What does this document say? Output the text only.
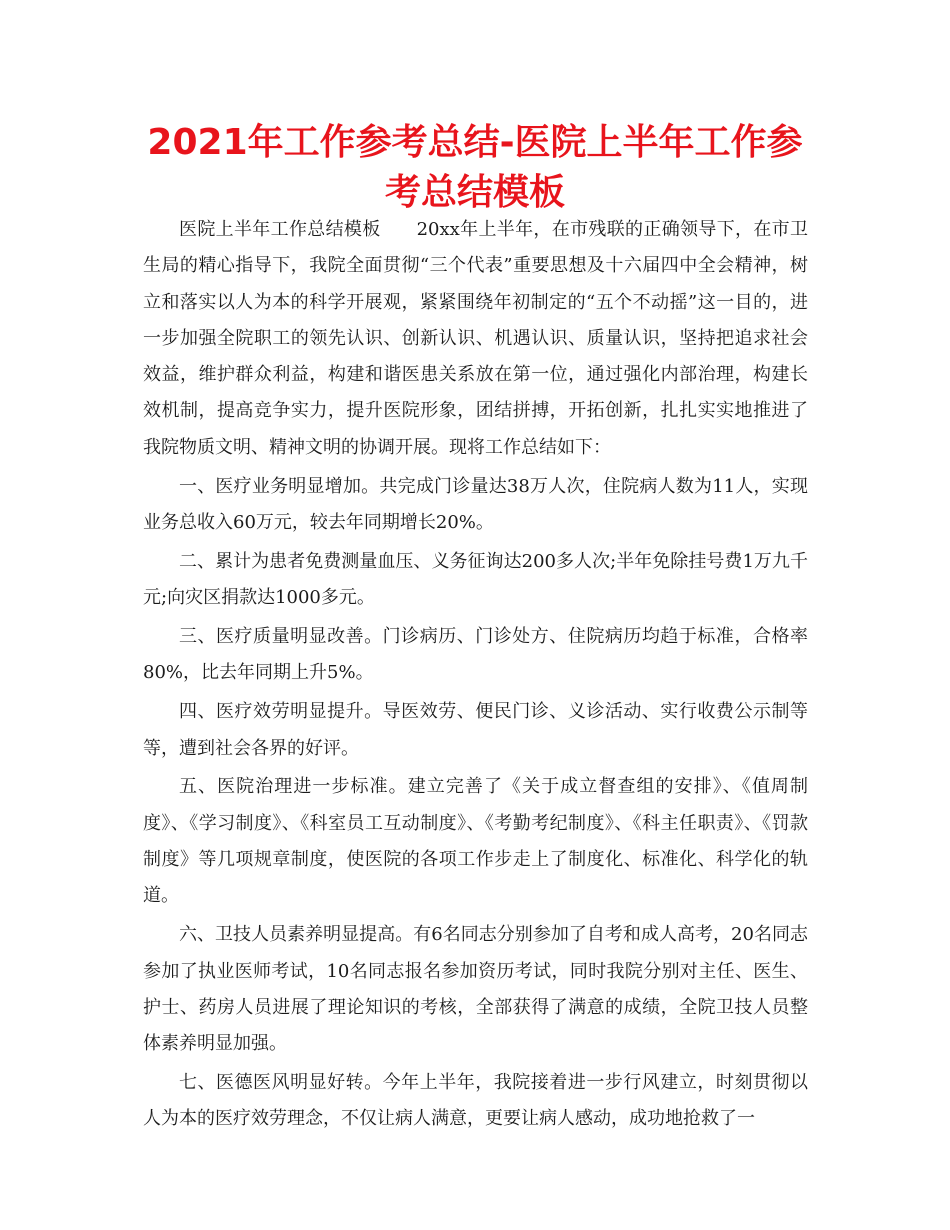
2021年工作参考总结-医院上半年工作参考总结模板

医院上半年工作总结模板 20xx年上半年，在市残联的正确领导下，在市卫生局的精心指导下，我院全面贯彻“三个代表”重要思想及十六届四中全会精神，树立和落实以人为本的科学开展观，紧紧围绕年初制定的“五个不动摇”这一目的，进一步加强全院职工的领先认识、创新认识、机遇认识、质量认识，坚持把追求社会效益，维护群众利益，构建和谐医患关系放在第一位，通过强化内部治理，构建长效机制，提高竞争实力，提升医院形象，团结拼搏，开拓创新，扎扎实实地推进了我院物质文明、精神文明的协调开展。现将工作总结如下：

一、医疗业务明显增加。共完成门诊量达38万人次，住院病人数为11人，实现业务总收入60万元，较去年同期增长20%。

二、累计为患者免费测量血压、义务征询达200多人次;半年免除挂号费1万九千元;向灾区捐款达1000多元。

三、医疗质量明显改善。门诊病历、门诊处方、住院病历均趋于标准，合格率80%，比去年同期上升5%。

四、医疗效劳明显提升。导医效劳、便民门诊、义诊活动、实行收费公示制等等，遭到社会各界的好评。

五、医院治理进一步标准。建立完善了《关于成立督查组的安排》、《值周制度》、《学习制度》、《科室员工互动制度》、《考勤考纪制度》、《科主任职责》、《罚款制度》等几项规章制度，使医院的各项工作步走上了制度化、标准化、科学化的轨道。

六、卫技人员素养明显提高。有6名同志分别参加了自考和成人高考，20名同志参加了执业医师考试，10名同志报名参加资历考试，同时我院分别对主任、医生、护士、药房人员进展了理论知识的考核，全部获得了满意的成绩，全院卫技人员整体素养明显加强。

七、医德医风明显好转。今年上半年，我院接着进一步行风建立，时刻贯彻以人为本的医疗效劳理念，不仅让病人满意，更要让病人感动，成功地抢救了一
